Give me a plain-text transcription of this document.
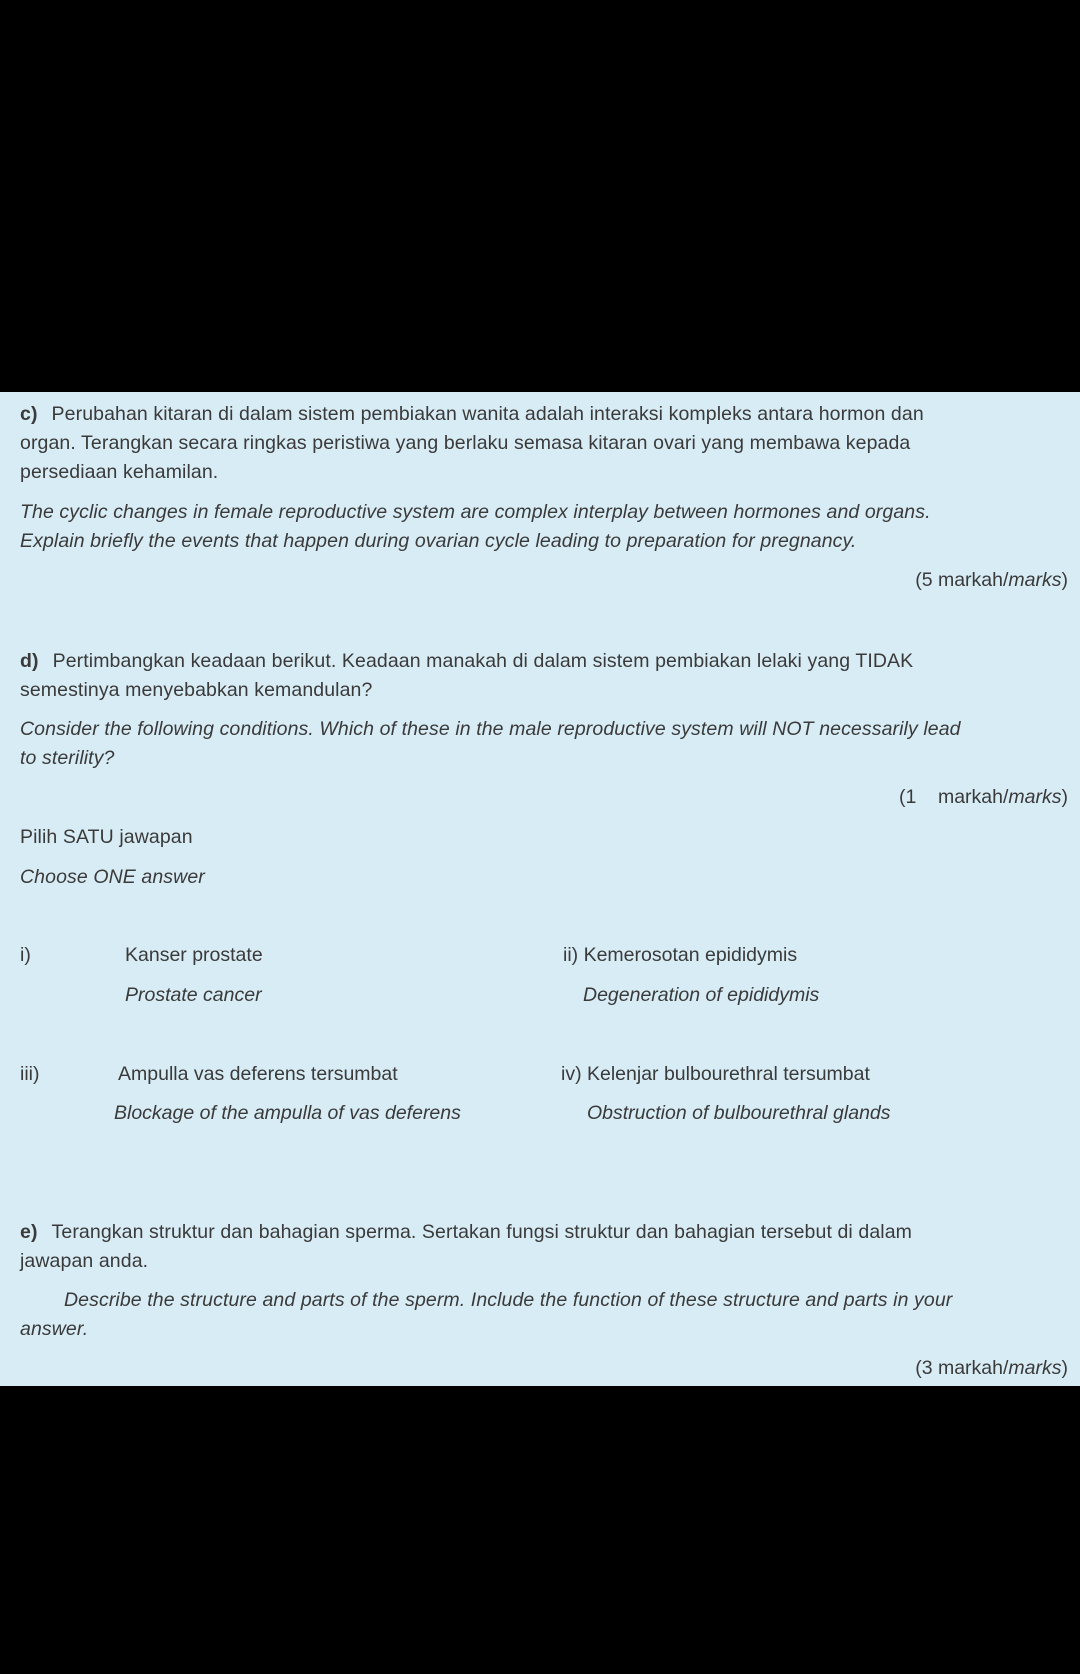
c) Perubahan kitaran di dalam sistem pembiakan wanita adalah interaksi kompleks antara hormon dan
organ. Terangkan secara ringkas peristiwa yang berlaku semasa kitaran ovari yang membawa kepada
persediaan kehamilan.
The cyclic changes in female reproductive system are complex interplay between hormones and organs.
Explain briefly the events that happen during ovarian cycle leading to preparation for pregnancy.
(5 markah/marks)
d) Pertimbangkan keadaan berikut. Keadaan manakah di dalam sistem pembiakan lelaki yang TIDAK
semestinya menyebabkan kemandulan?
Consider the following conditions. Which of these in the male reproductive system will NOT necessarily lead
to sterility?
(1    markah/marks)
Pilih SATU jawapan
Choose ONE answer
i)	Kanser prostate
Prostate cancer
ii) Kemerosotan epididymis
Degeneration of epididymis
iii)	Ampulla vas deferens tersumbat
Blockage of the ampulla of vas deferens
iv) Kelenjar bulbourethral tersumbat
Obstruction of bulbourethral glands
e) Terangkan struktur dan bahagian sperma. Sertakan fungsi struktur dan bahagian tersebut di dalam
jawapan anda.
Describe the structure and parts of the sperm. Include the function of these structure and parts in your
answer.
(3 markah/marks)
